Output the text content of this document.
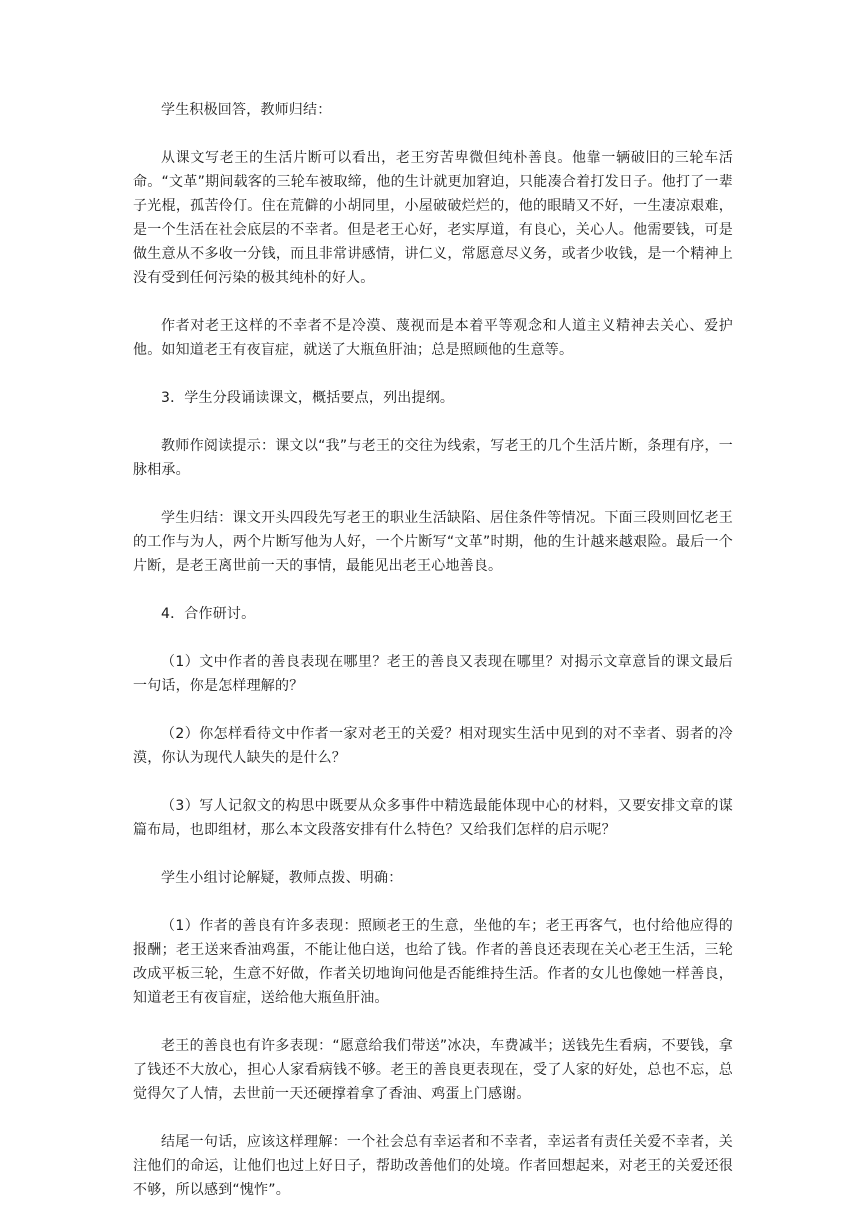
学生积极回答，教师归结：

从课文写老王的生活片断可以看出，老王穷苦卑微但纯朴善良。他靠一辆破旧的三轮车活命。“文革”期间载客的三轮车被取缔，他的生计就更加窘迫，只能凑合着打发日子。他打了一辈子光棍，孤苦伶仃。住在荒僻的小胡同里，小屋破破烂烂的，他的眼睛又不好，一生凄凉艰难，是一个生活在社会底层的不幸者。但是老王心好，老实厚道，有良心，关心人。他需要钱，可是做生意从不多收一分钱，而且非常讲感情，讲仁义，常愿意尽义务，或者少收钱，是一个精神上没有受到任何污染的极其纯朴的好人。

作者对老王这样的不幸者不是冷漠、蔑视而是本着平等观念和人道主义精神去关心、爱护他。如知道老王有夜盲症，就送了大瓶鱼肝油；总是照顾他的生意等。

3．学生分段诵读课文，概括要点，列出提纲。

教师作阅读提示：课文以“我”与老王的交往为线索，写老王的几个生活片断，条理有序，一脉相承。

学生归结：课文开头四段先写老王的职业生活缺陷、居住条件等情况。下面三段则回忆老王的工作与为人，两个片断写他为人好，一个片断写“文革”时期，他的生计越来越艰险。最后一个片断，是老王离世前一天的事情，最能见出老王心地善良。

4．合作研讨。

（1）文中作者的善良表现在哪里？老王的善良又表现在哪里？对揭示文章意旨的课文最后一句话，你是怎样理解的？

（2）你怎样看待文中作者一家对老王的关爱？相对现实生活中见到的对不幸者、弱者的冷漠，你认为现代人缺失的是什么？

（3）写人记叙文的构思中既要从众多事件中精选最能体现中心的材料，又要安排文章的谋篇布局，也即组材，那么本文段落安排有什么特色？又给我们怎样的启示呢？

学生小组讨论解疑，教师点拨、明确：

（1）作者的善良有许多表现：照顾老王的生意，坐他的车；老王再客气，也付给他应得的报酬；老王送来香油鸡蛋，不能让他白送，也给了钱。作者的善良还表现在关心老王生活，三轮改成平板三轮，生意不好做，作者关切地询问他是否能维持生活。作者的女儿也像她一样善良，知道老王有夜盲症，送给他大瓶鱼肝油。

老王的善良也有许多表现：“愿意给我们带送”冰决，车费减半；送钱先生看病，不要钱，拿了钱还不大放心，担心人家看病钱不够。老王的善良更表现在，受了人家的好处，总也不忘，总觉得欠了人情，去世前一天还硬撑着拿了香油、鸡蛋上门感谢。

结尾一句话，应该这样理解：一个社会总有幸运者和不幸者，幸运者有责任关爱不幸者，关注他们的命运，让他们也过上好日子，帮助改善他们的处境。作者回想起来，对老王的关爱还很不够，所以感到“愧怍”。
